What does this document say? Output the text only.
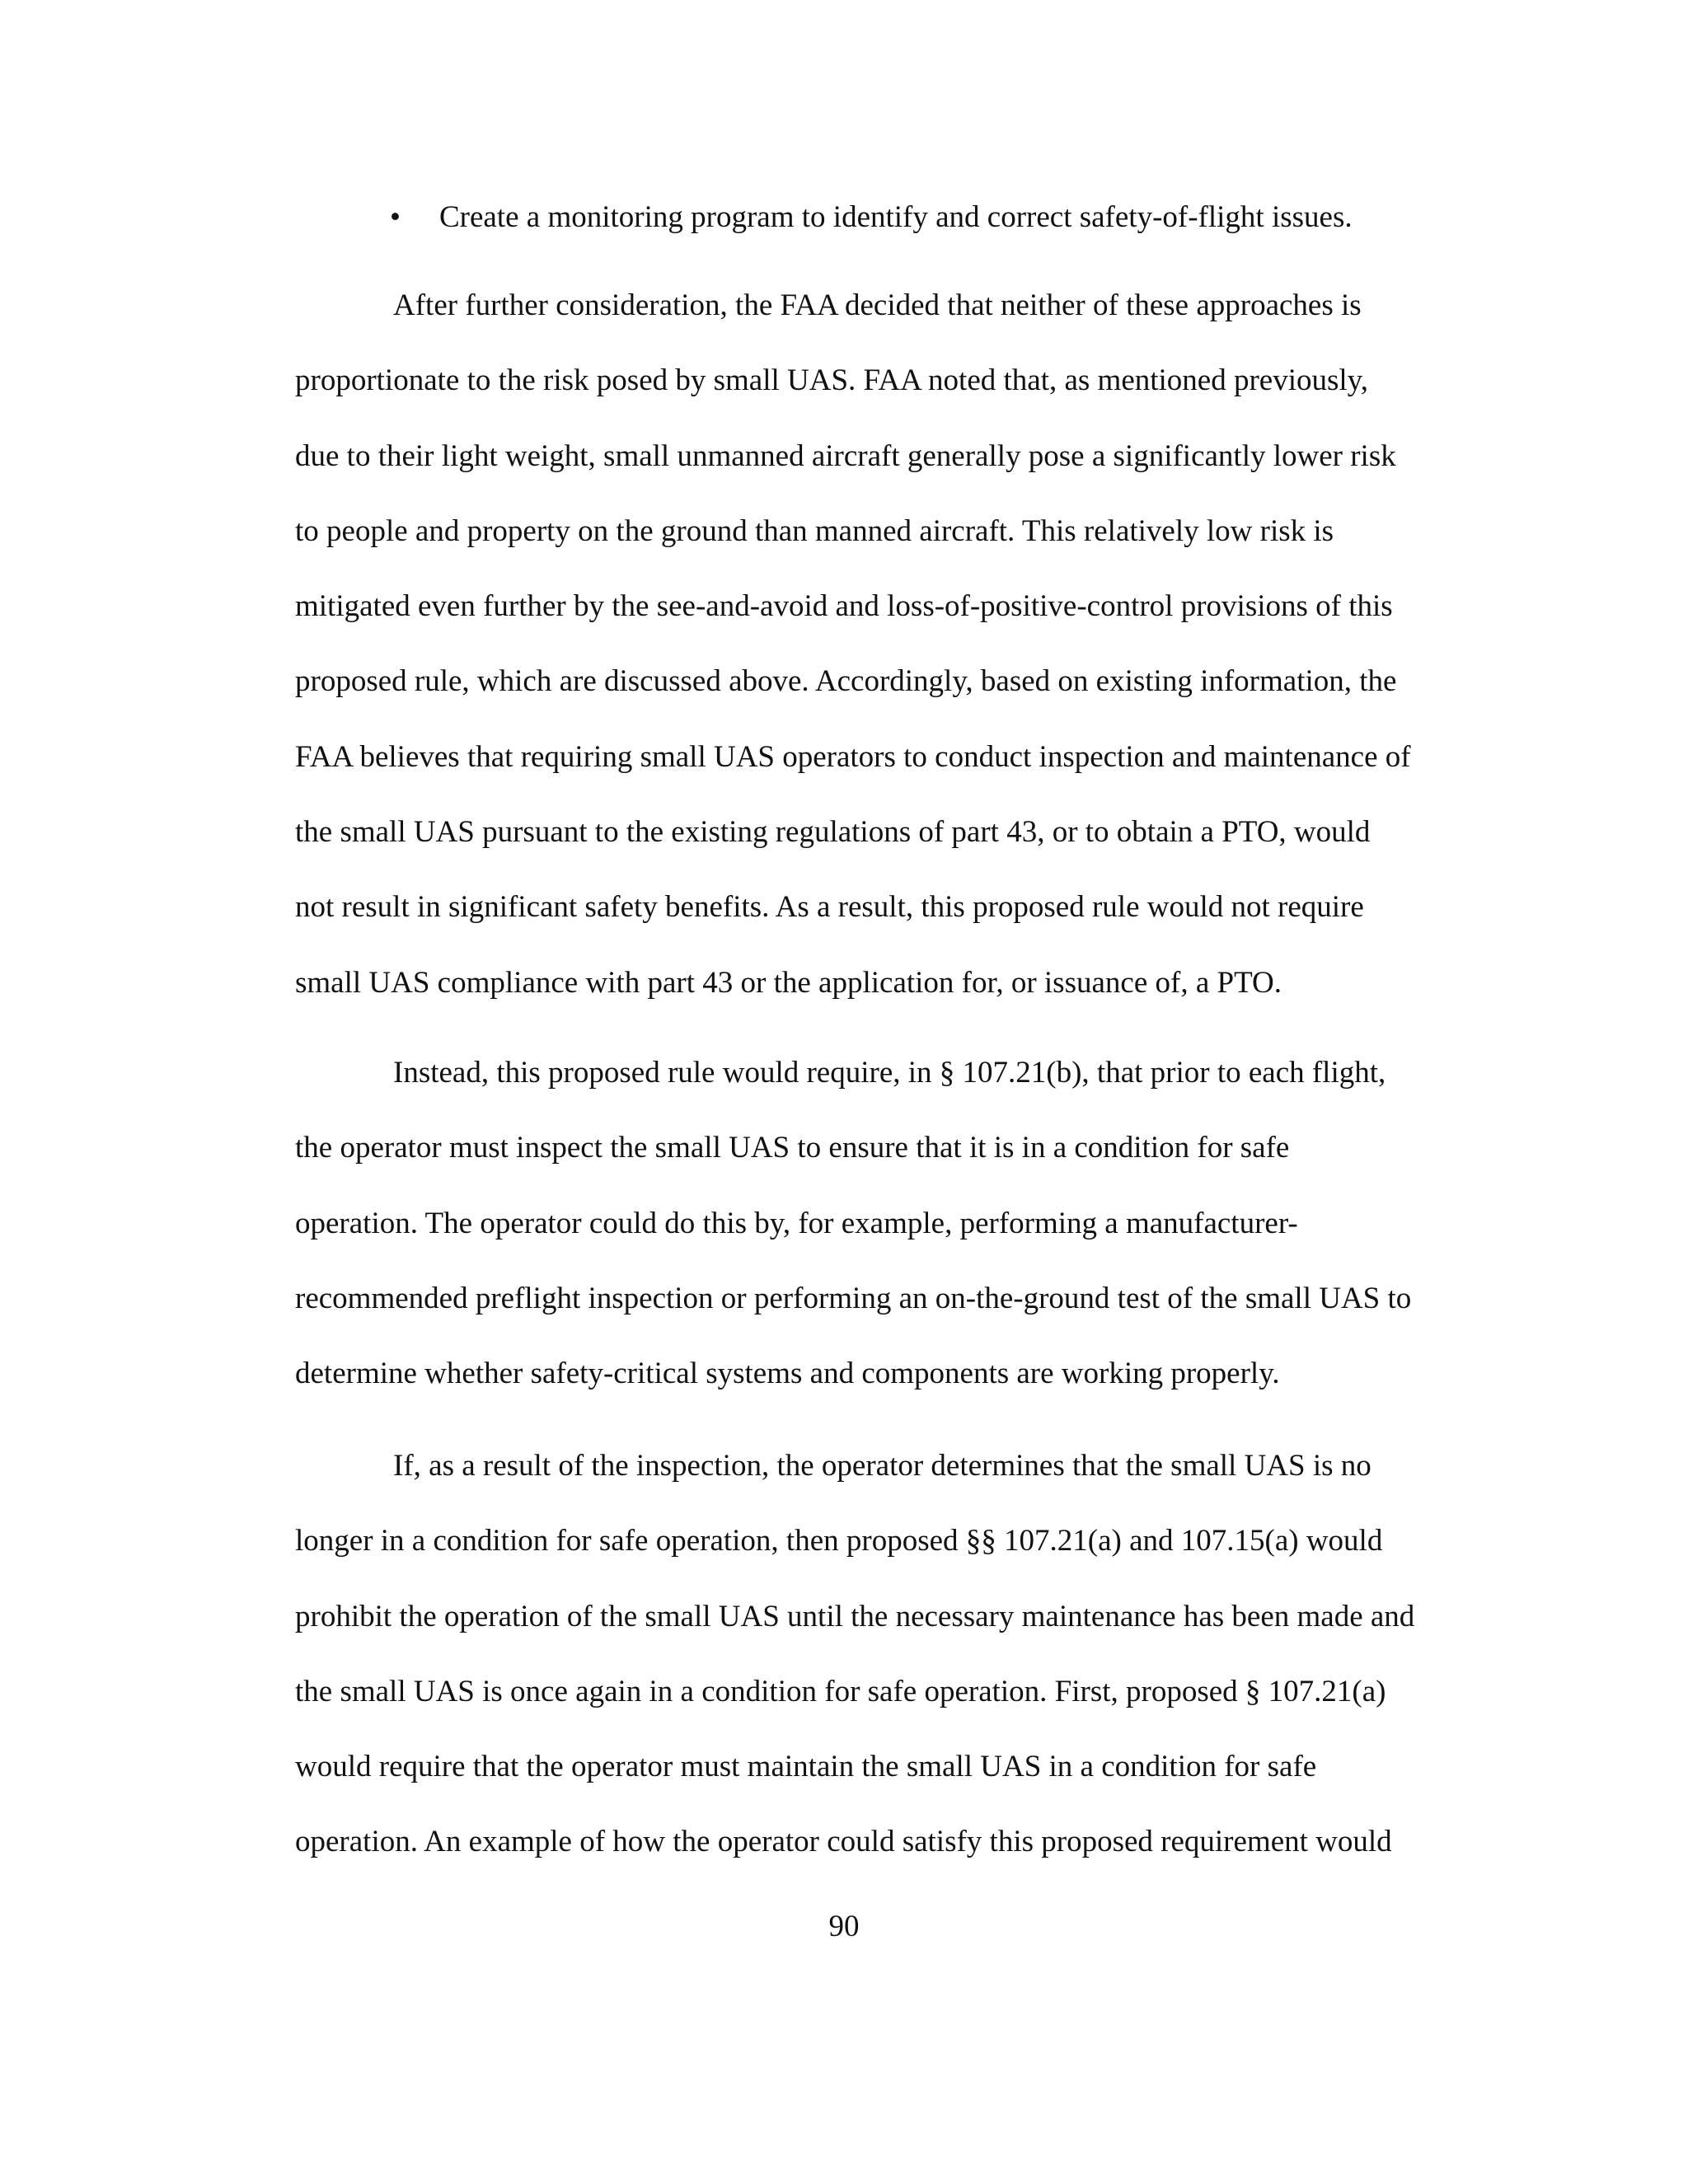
• Create a monitoring program to identify and correct safety-of-flight issues.
After further consideration, the FAA decided that neither of these approaches is
proportionate to the risk posed by small UAS. FAA noted that, as mentioned previously,
due to their light weight, small unmanned aircraft generally pose a significantly lower risk
to people and property on the ground than manned aircraft. This relatively low risk is
mitigated even further by the see-and-avoid and loss-of-positive-control provisions of this
proposed rule, which are discussed above. Accordingly, based on existing information, the
FAA believes that requiring small UAS operators to conduct inspection and maintenance of
the small UAS pursuant to the existing regulations of part 43, or to obtain a PTO, would
not result in significant safety benefits. As a result, this proposed rule would not require
small UAS compliance with part 43 or the application for, or issuance of, a PTO.
Instead, this proposed rule would require, in § 107.21(b), that prior to each flight,
the operator must inspect the small UAS to ensure that it is in a condition for safe
operation. The operator could do this by, for example, performing a manufacturer-
recommended preflight inspection or performing an on-the-ground test of the small UAS to
determine whether safety-critical systems and components are working properly.
If, as a result of the inspection, the operator determines that the small UAS is no
longer in a condition for safe operation, then proposed §§ 107.21(a) and 107.15(a) would
prohibit the operation of the small UAS until the necessary maintenance has been made and
the small UAS is once again in a condition for safe operation. First, proposed § 107.21(a)
would require that the operator must maintain the small UAS in a condition for safe
operation. An example of how the operator could satisfy this proposed requirement would
90
